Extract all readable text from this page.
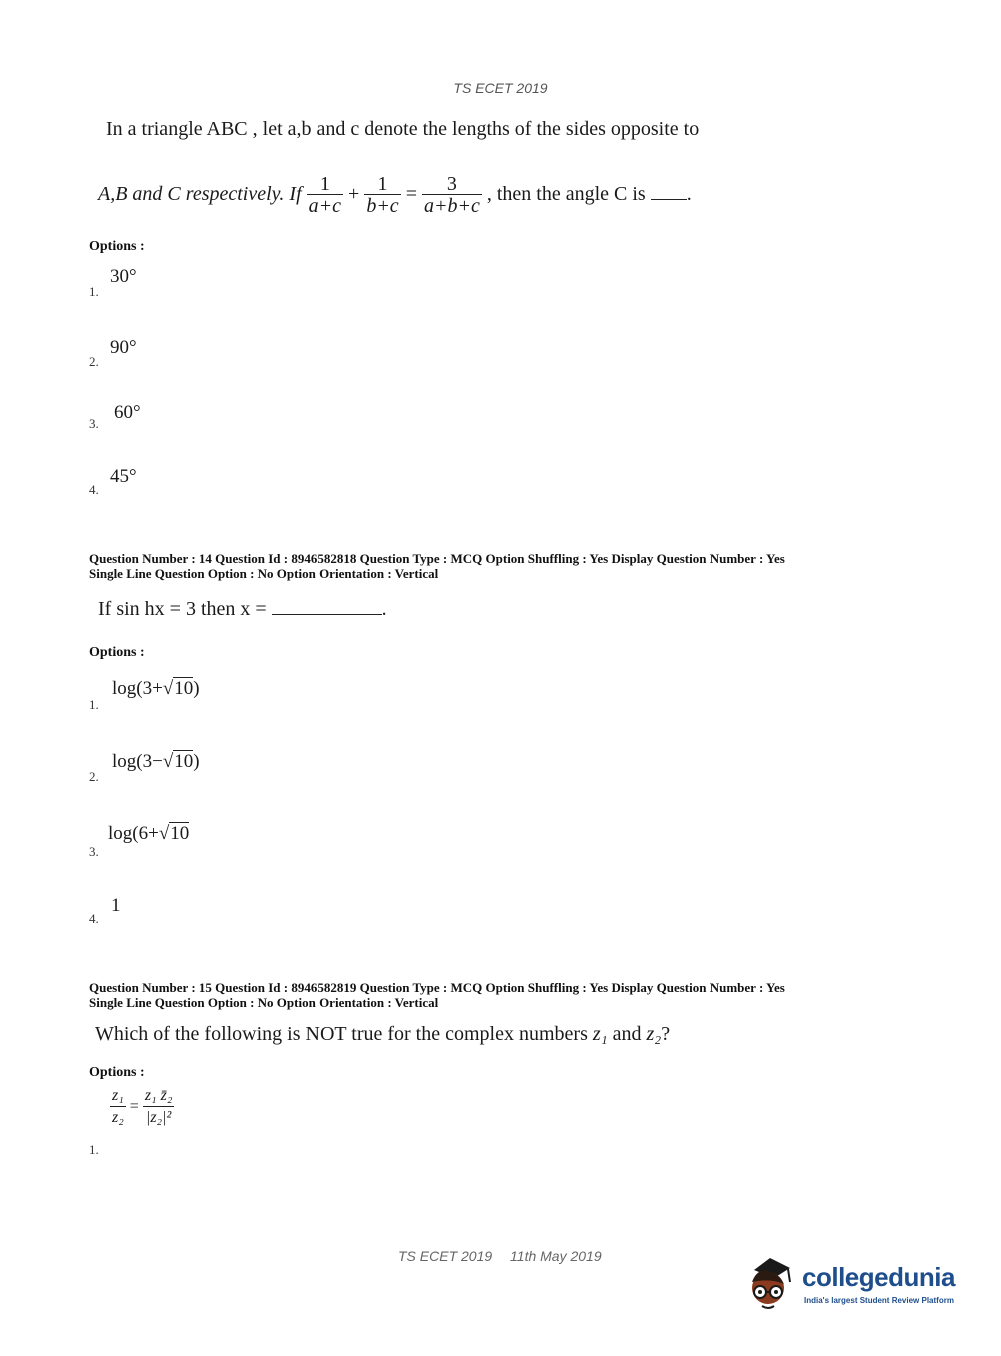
TS ECET 2019
In a triangle ABC , let a,b and c denote the lengths of the sides opposite to
A,B and C respectively. If $\frac{1}{a+c} + \frac{1}{b+c} = \frac{3}{a+b+c}$ , then the angle C is .
Options :
1.
30°
2.
90°
3.
60°
4.
45°
Question Number : 14 Question Id : 8946582818 Question Type : MCQ Option Shuffling : Yes Display Question Number : Yes
Single Line Question Option : No Option Orientation : Vertical
If sin hx = 3 then x =	.
Options :
1.
log(3+√10)
2.
log(3−√10)
3.
log(6+√10
4.
1
Question Number : 15 Question Id : 8946582819 Question Type : MCQ Option Shuffling : Yes Display Question Number : Yes
Single Line Question Option : No Option Orientation : Vertical
Which of the following is NOT true for the complex numbers z₁ and z₂?
Options :
1.
$\frac{\text{z₁}}{\text{z₂}} = \frac{\text{z₁ z̄₂}}{\text{|z₂|²}}$
TS ECET 2019 11th May 2019
collegedunia
India's largest Student Review Platform
